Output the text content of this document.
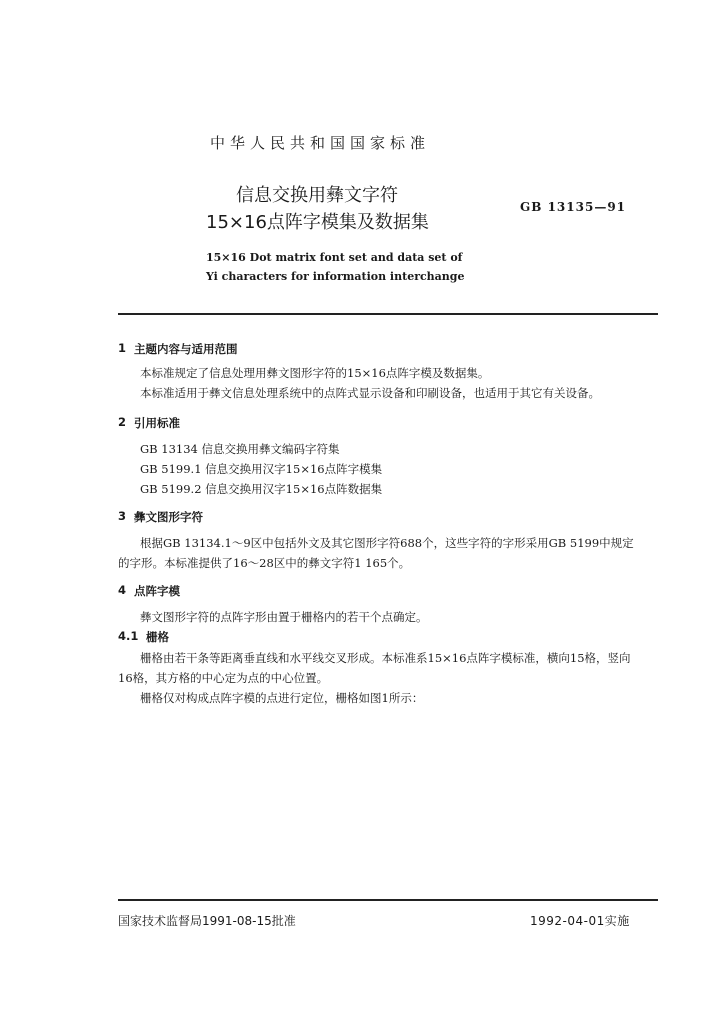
中华人民共和国国家标准
信息交换用彝文字符
15×16点阵字模集及数据集
GB 13135—91
15×16 Dot matrix font set and data set of
Yi characters for information interchange
1 主题内容与适用范围
本标准规定了信息处理用彝文图形字符的15×16点阵字模及数据集。
本标准适用于彝文信息处理系统中的点阵式显示设备和印刷设备，也适用于其它有关设备。
2 引用标准
GB 13134 信息交换用彝文编码字符集
GB 5199.1 信息交换用汉字15×16点阵字模集
GB 5199.2 信息交换用汉字15×16点阵数据集
3 彝文图形字符
根据GB 13134.1～9区中包括外文及其它图形字符688个，这些字符的字形采用GB 5199中规定
的字形。本标准提供了16～28区中的彝文字符1 165个。
4 点阵字模
彝文图形字符的点阵字形由置于栅格内的若干个点确定。
4.1 栅格
栅格由若干条等距离垂直线和水平线交叉形成。本标准系15×16点阵字模标准，横向15格，竖向
16格，其方格的中心定为点的中心位置。
栅格仅对构成点阵字模的点进行定位，栅格如图1所示：
国家技术监督局1991-08-15批准	1992-04-01实施
